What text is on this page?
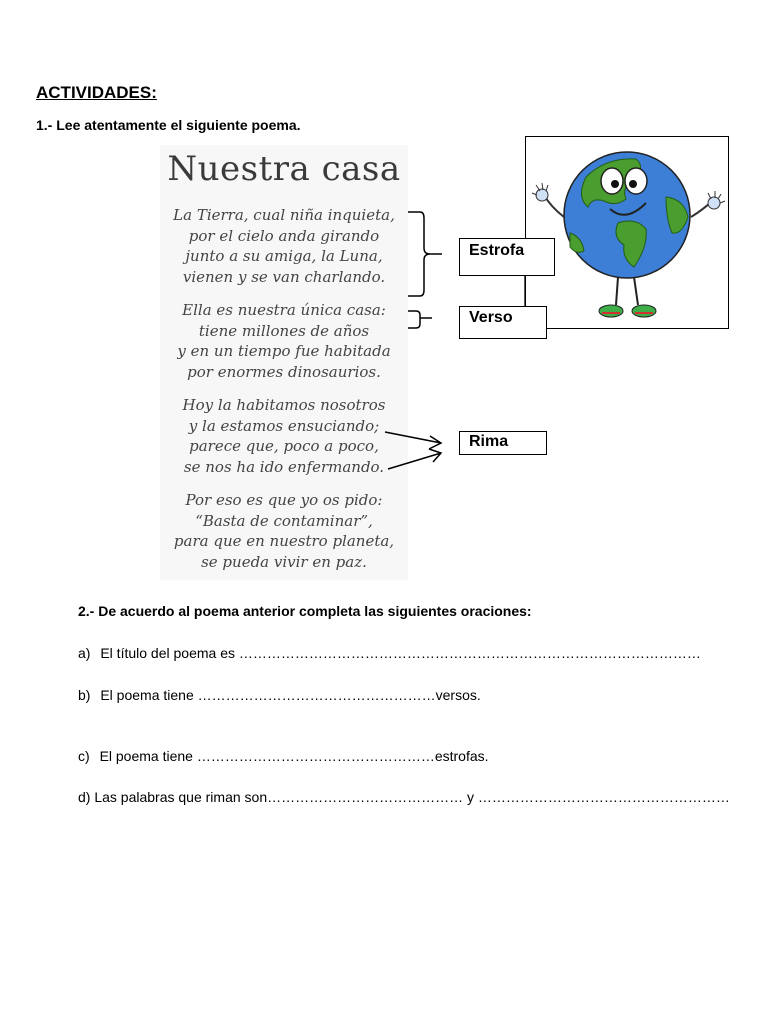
ACTIVIDADES:
1.- Lee atentamente el siguiente poema.
Nuestra casa
La Tierra, cual niña inquieta,
por el cielo anda girando
junto a su amiga, la Luna,
vienen y se van charlando.
Ella es nuestra única casa:
tiene millones de años
y en un tiempo fue habitada
por enormes dinosaurios.
Hoy la habitamos nosotros
y la estamos ensuciando;
parece que, poco a poco,
se nos ha ido enfermando.
Por eso es que yo os pido:
“Basta de contaminar”,
para que en nuestro planeta,
se pueda vivir en paz.
Estrofa
Verso
Rima
2.- De acuerdo al poema anterior completa las siguientes oraciones:
a) El título del poema es ………………………………………………………………………………………
b) El poema tiene ……………………………………………versos.
c) El poema tiene ……………………………………………estrofas.
d) Las palabras que riman son…………………………………… y ………………………………………………
